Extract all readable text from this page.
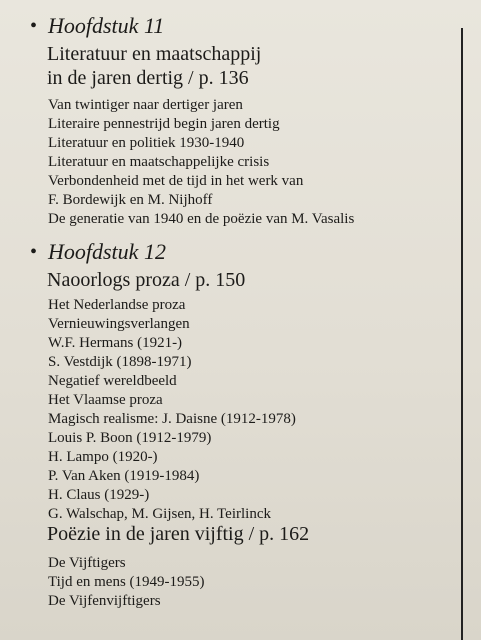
• Hoofdstuk 11
Literatuur en maatschappij
in de jaren dertig / p. 136
Van twintiger naar dertiger jaren
Literaire pennestrijd begin jaren dertig
Literatuur en politiek 1930-1940
Literatuur en maatschappelijke crisis
Verbondenheid met de tijd in het werk van
F. Bordewijk en M. Nijhoff
De generatie van 1940 en de poëzie van M. Vasalis
• Hoofdstuk 12
Naoorlogs proza / p. 150
Het Nederlandse proza
Vernieuwingsverlangen
W.F. Hermans (1921-)
S. Vestdijk (1898-1971)
Negatief wereldbeeld
Het Vlaamse proza
Magisch realisme: J. Daisne (1912-1978)
Louis P. Boon (1912-1979)
H. Lampo (1920-)
P. Van Aken (1919-1984)
H. Claus (1929-)
G. Walschap, M. Gijsen, H. Teirlinck
Poëzie in de jaren vijftig / p. 162
De Vijftigers
Tijd en mens (1949-1955)
De Vijfenvijftigers
